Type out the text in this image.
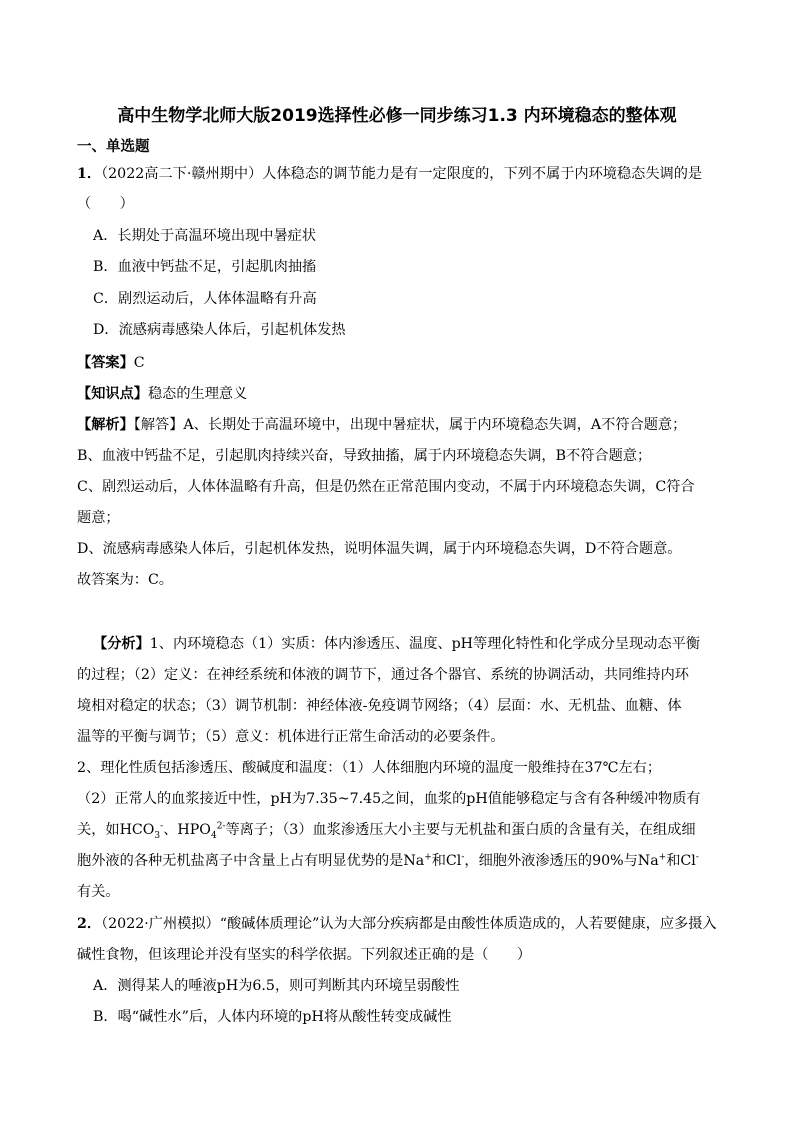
高中生物学北师大版2019选择性必修一同步练习1.3 内环境稳态的整体观
一、单选题
1．（2022高二下·赣州期中）人体稳态的调节能力是有一定限度的，下列不属于内环境稳态失调的是
（　　）
A．长期处于高温环境出现中暑症状
B．血液中钙盐不足，引起肌肉抽搐
C．剧烈运动后，人体体温略有升高
D．流感病毒感染人体后，引起机体发热
【答案】C
【知识点】稳态的生理意义
【解析】【解答】A、长期处于高温环境中，出现中暑症状，属于内环境稳态失调，A不符合题意；
B、血液中钙盐不足，引起肌肉持续兴奋，导致抽搐，属于内环境稳态失调，B不符合题意；
C、剧烈运动后，人体体温略有升高，但是仍然在正常范围内变动，不属于内环境稳态失调，C符合
题意；
D、流感病毒感染人体后，引起机体发热，说明体温失调，属于内环境稳态失调，D不符合题意。
故答案为：C。
【分析】1、内环境稳态（1）实质：体内渗透压、温度、pH等理化特性和化学成分呈现动态平衡
的过程；（2）定义：在神经系统和体液的调节下，通过各个器官、系统的协调活动，共同维持内环
境相对稳定的状态；（3）调节机制：神经体液-免疫调节网络；（4）层面：水、无机盐、血糖、体
温等的平衡与调节；（5）意义：机体进行正常生命活动的必要条件。
2、理化性质包括渗透压、酸碱度和温度：（1）人体细胞内环境的温度一般维持在37℃左右；
（2）正常人的血浆接近中性，pH为7.35~7.45之间，血浆的pH值能够稳定与含有各种缓冲物质有
关，如$HCO_3^-$、$HPO_4^{2-}$等离子；（3）血浆渗透压大小主要与无机盐和蛋白质的含量有关，在组成细
胞外液的各种无机盐离子中含量上占有明显优势的是Na+和Cl-，细胞外液渗透压的90%与Na+和Cl-
有关。
2．（2022·广州模拟）“酸碱体质理论”认为大部分疾病都是由酸性体质造成的，人若要健康，应多摄入
碱性食物，但该理论并没有坚实的科学依据。下列叙述正确的是（　　）
A．测得某人的唾液pH为6.5，则可判断其内环境呈弱酸性
B．喝“碱性水”后，人体内环境的pH将从酸性转变成碱性
